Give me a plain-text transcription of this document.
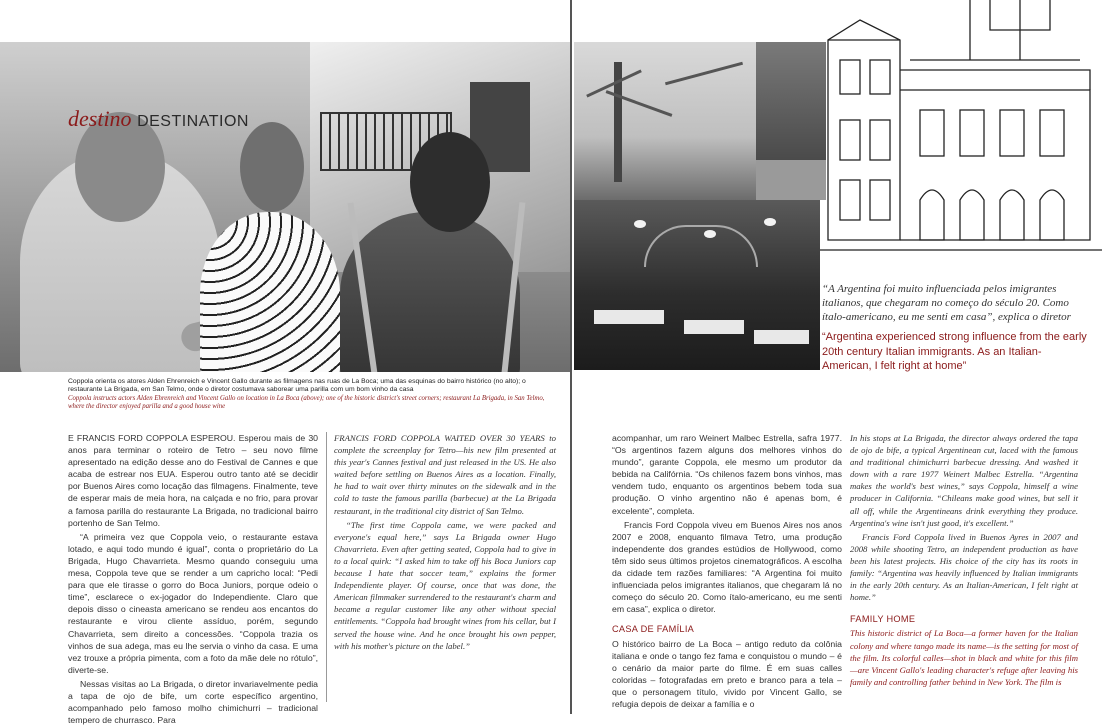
destino DESTINATION
Coppola orienta os atores Alden Ehrenreich e Vincent Gallo durante as filmagens nas ruas de La Boca; uma das esquinas do bairro histórico (no alto); o restaurante La Brigada, em San Telmo, onde o diretor costumava saborear uma parilla com um bom vinho da casa
Coppola instructs actors Alden Ehrenreich and Vincent Gallo on location in La Boca (above); one of the historic district's street corners; restaurant La Brigada, in San Telmo, where the director enjoyed parilla and a good house wine

E FRANCIS FORD COPPOLA ESPEROU. Esperou mais de 30 anos para terminar o roteiro de Tetro – seu novo filme apresentado na edição desse ano do Festival de Cannes e que acaba de estrear nos EUA. Esperou outro tanto até se decidir por Buenos Aires como locação das filmagens. Finalmente, teve de esperar mais de meia hora, na calçada e no frio, para provar a famosa parilla do restaurante La Brigada, no tradicional bairro portenho de San Telmo.

“A primeira vez que Coppola veio, o restaurante estava lotado, e aqui todo mundo é igual”, conta o proprietário do La Brigada, Hugo Chavarrieta. Mesmo quando conseguiu uma mesa, Coppola teve que se render a um capricho local: “Pedi para que ele tirasse o gorro do Boca Juniors, porque odeio o time”, esclarece o ex-jogador do Independiente. Claro que depois disso o cineasta americano se rendeu aos encantos do restaurante e virou cliente assíduo, porém, segundo Chavarrieta, sem direito a concessões. “Coppola trazia os vinhos de sua adega, mas eu lhe servia o vinho da casa. E uma vez trouxe a própria pimenta, com a foto da mãe dele no rótulo”, diverte-se.

Nessas visitas ao La Brigada, o diretor invariavelmente pedia a tapa de ojo de bife, um corte específico argentino, acompanhado pelo famoso molho chimichurri – tradicional tempero de churrasco. Para

FRANCIS FORD COPPOLA WAITED OVER 30 YEARS to complete the screenplay for Tetro—his new film presented at this year's Cannes festival and just released in the US. He also waited before settling on Buenos Aires as a location. Finally, he had to wait over thirty minutes on the sidewalk and in the cold to taste the famous parilla (barbecue) at the La Brigada restaurant, in the traditional city district of San Telmo.

“The first time Coppola came, we were packed and everyone's equal here,” says La Brigada owner Hugo Chavarrieta. Even after getting seated, Coppola had to give in to a local quirk: “I asked him to take off his Boca Juniors cap because I hate that soccer team,” explains the former Independiente player. Of course, once that was done, the American filmmaker surrendered to the restaurant's charm and became a regular customer like any other without special entitlements. “Coppola had brought wines from his cellar, but I served the house wine. And he once brought his own pepper, with his mother's picture on the label.”

“A Argentina foi muito influenciada pelos imigrantes italianos, que chegaram no começo do século 20. Como ítalo-americano, eu me senti em casa”, explica o diretor
“Argentina experienced strong influence from the early 20th century Italian immigrants. As an Italian-American, I felt right at home”

acompanhar, um raro Weinert Malbec Estrella, safra 1977. “Os argentinos fazem alguns dos melhores vinhos do mundo”, garante Coppola, ele mesmo um produtor da bebida na Califórnia. “Os chilenos fazem bons vinhos, mas vendem tudo, enquanto os argentinos bebem toda sua produção. O vinho argentino não é apenas bom, é excelente”, completa.

Francis Ford Coppola viveu em Buenos Aires nos anos 2007 e 2008, enquanto filmava Tetro, uma produção independente dos grandes estúdios de Hollywood, como têm sido seus últimos projetos cinematográficos. A escolha da cidade tem razões familiares: “A Argentina foi muito influenciada pelos imigrantes italianos, que chegaram lá no começo do século 20. Como ítalo-americano, eu me senti em casa”, explica o diretor.

CASA DE FAMÍLIA

O histórico bairro de La Boca – antigo reduto da colônia italiana e onde o tango fez fama e conquistou o mundo – é o cenário da maior parte do filme. É em suas calles coloridas – fotografadas em preto e branco para a tela – que o personagem título, vivido por Vincent Gallo, se refugia depois de deixar a família e o

In his stops at La Brigada, the director always ordered the tapa de ojo de bife, a typical Argentinean cut, laced with the famous and traditional chimichurri barbecue dressing. And washed it down with a rare 1977 Weinert Malbec Estrella. “Argentina makes the world's best wines,” says Coppola, himself a wine producer in California. “Chileans make good wines, but sell it all off, while the Argentineans drink everything they produce. Argentina's wine isn't just good, it's excellent.”

Francis Ford Coppola lived in Buenos Ayres in 2007 and 2008 while shooting Tetro, an independent production as have been his latest projects. His choice of the city has its roots in family: “Argentina was heavily influenced by Italian immigrants in the early 20th century. As an Italian-American, I felt right at home.”

FAMILY HOME

This historic district of La Boca—a former haven for the Italian colony and where tango made its name—is the setting for most of the film. Its colorful calles—shot in black and white for this film—are Vincent Gallo's leading character's refuge after leaving his family and controlling father behind in New York. The film is
